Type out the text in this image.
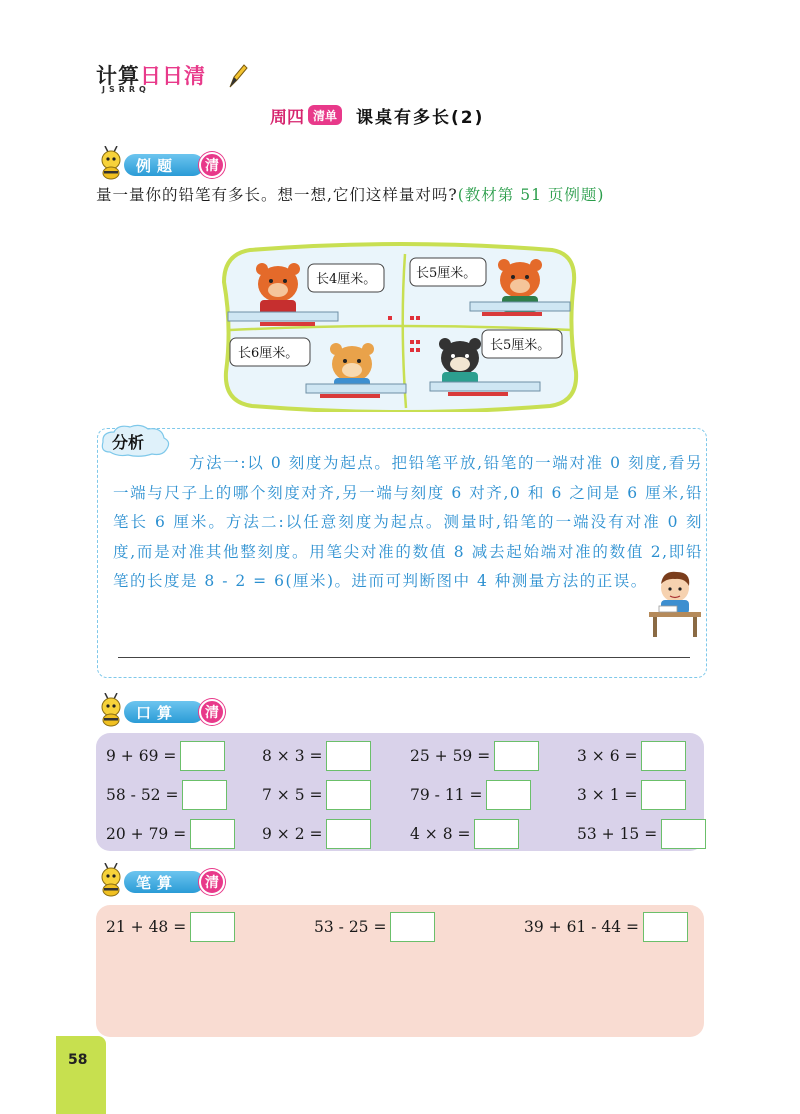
计算日日清
JSRRQ
周四 清单 课桌有多长(2)
例题	清
量一量你的铅笔有多长。想一想,它们这样量对吗?(教材第 51 页例题)
长4厘米。	长5厘米。
长6厘米。
长5厘米。
分析
方法一:以 0 刻度为起点。把铅笔平放,铅笔的一端对准 0 刻度,看另一端与尺子上的哪个刻度对齐,另一端与刻度 6 对齐,0 和 6 之间是 6 厘米,铅笔长 6 厘米。方法二:以任意刻度为起点。测量时,铅笔的一端没有对准 0 刻度,而是对准其他整刻度。用笔尖对准的数值 8 减去起始端对准的数值 2,即铅笔的长度是 8 - 2 = 6(厘米)。进而可判断图中 4 种测量方法的正误。
口算	清
9 + 69 =	8 × 3 =	25 + 59 =	3 × 6 =
58 - 52 =	7 × 5 =	79 - 11 =	3 × 1 =
20 + 79 =	9 × 2 =	4 × 8 =	53 + 15 =
笔算	清
21 + 48 =	53 - 25 =	39 + 61 - 44 =
58
